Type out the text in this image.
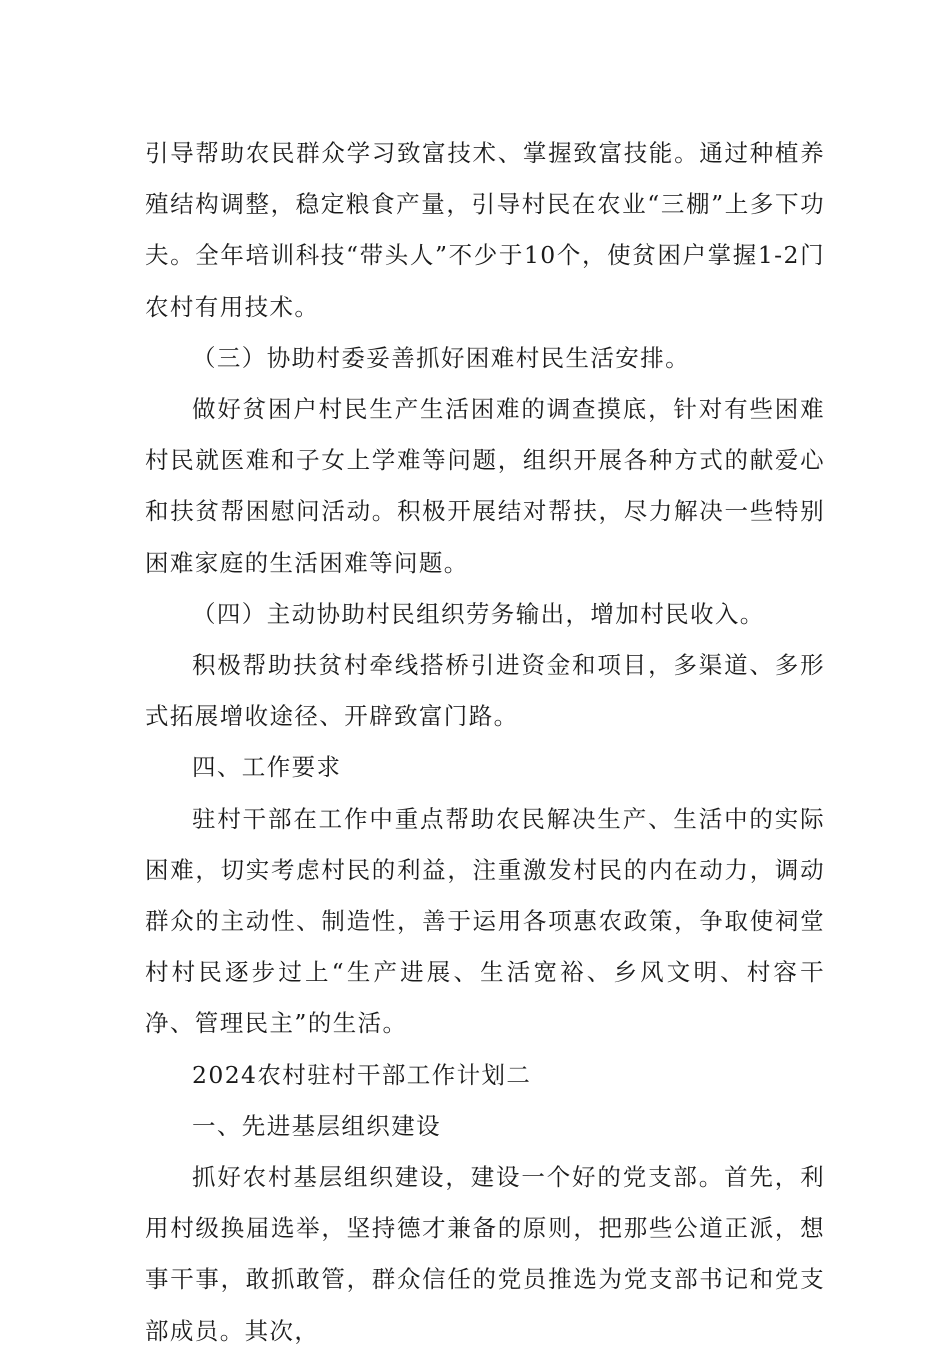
引导帮助农民群众学习致富技术、掌握致富技能。通过种植养殖结构调整，稳定粮食产量，引导村民在农业“三棚”上多下功夫。全年培训科技“带头人”不少于10个，使贫困户掌握1-2门农村有用技术。

（三）协助村委妥善抓好困难村民生活安排。

做好贫困户村民生产生活困难的调查摸底，针对有些困难村民就医难和子女上学难等问题，组织开展各种方式的献爱心和扶贫帮困慰问活动。积极开展结对帮扶，尽力解决一些特别困难家庭的生活困难等问题。

（四）主动协助村民组织劳务输出，增加村民收入。

积极帮助扶贫村牵线搭桥引进资金和项目，多渠道、多形式拓展增收途径、开辟致富门路。

四、工作要求

驻村干部在工作中重点帮助农民解决生产、生活中的实际困难，切实考虑村民的利益，注重激发村民的内在动力，调动群众的主动性、制造性，善于运用各项惠农政策，争取使祠堂村村民逐步过上“生产进展、生活宽裕、乡风文明、村容干净、管理民主”的生活。

2024农村驻村干部工作计划二

一、先进基层组织建设

抓好农村基层组织建设，建设一个好的党支部。首先，利用村级换届选举，坚持德才兼备的原则，把那些公道正派，想事干事，敢抓敢管，群众信任的党员推选为党支部书记和党支部成员。其次，
